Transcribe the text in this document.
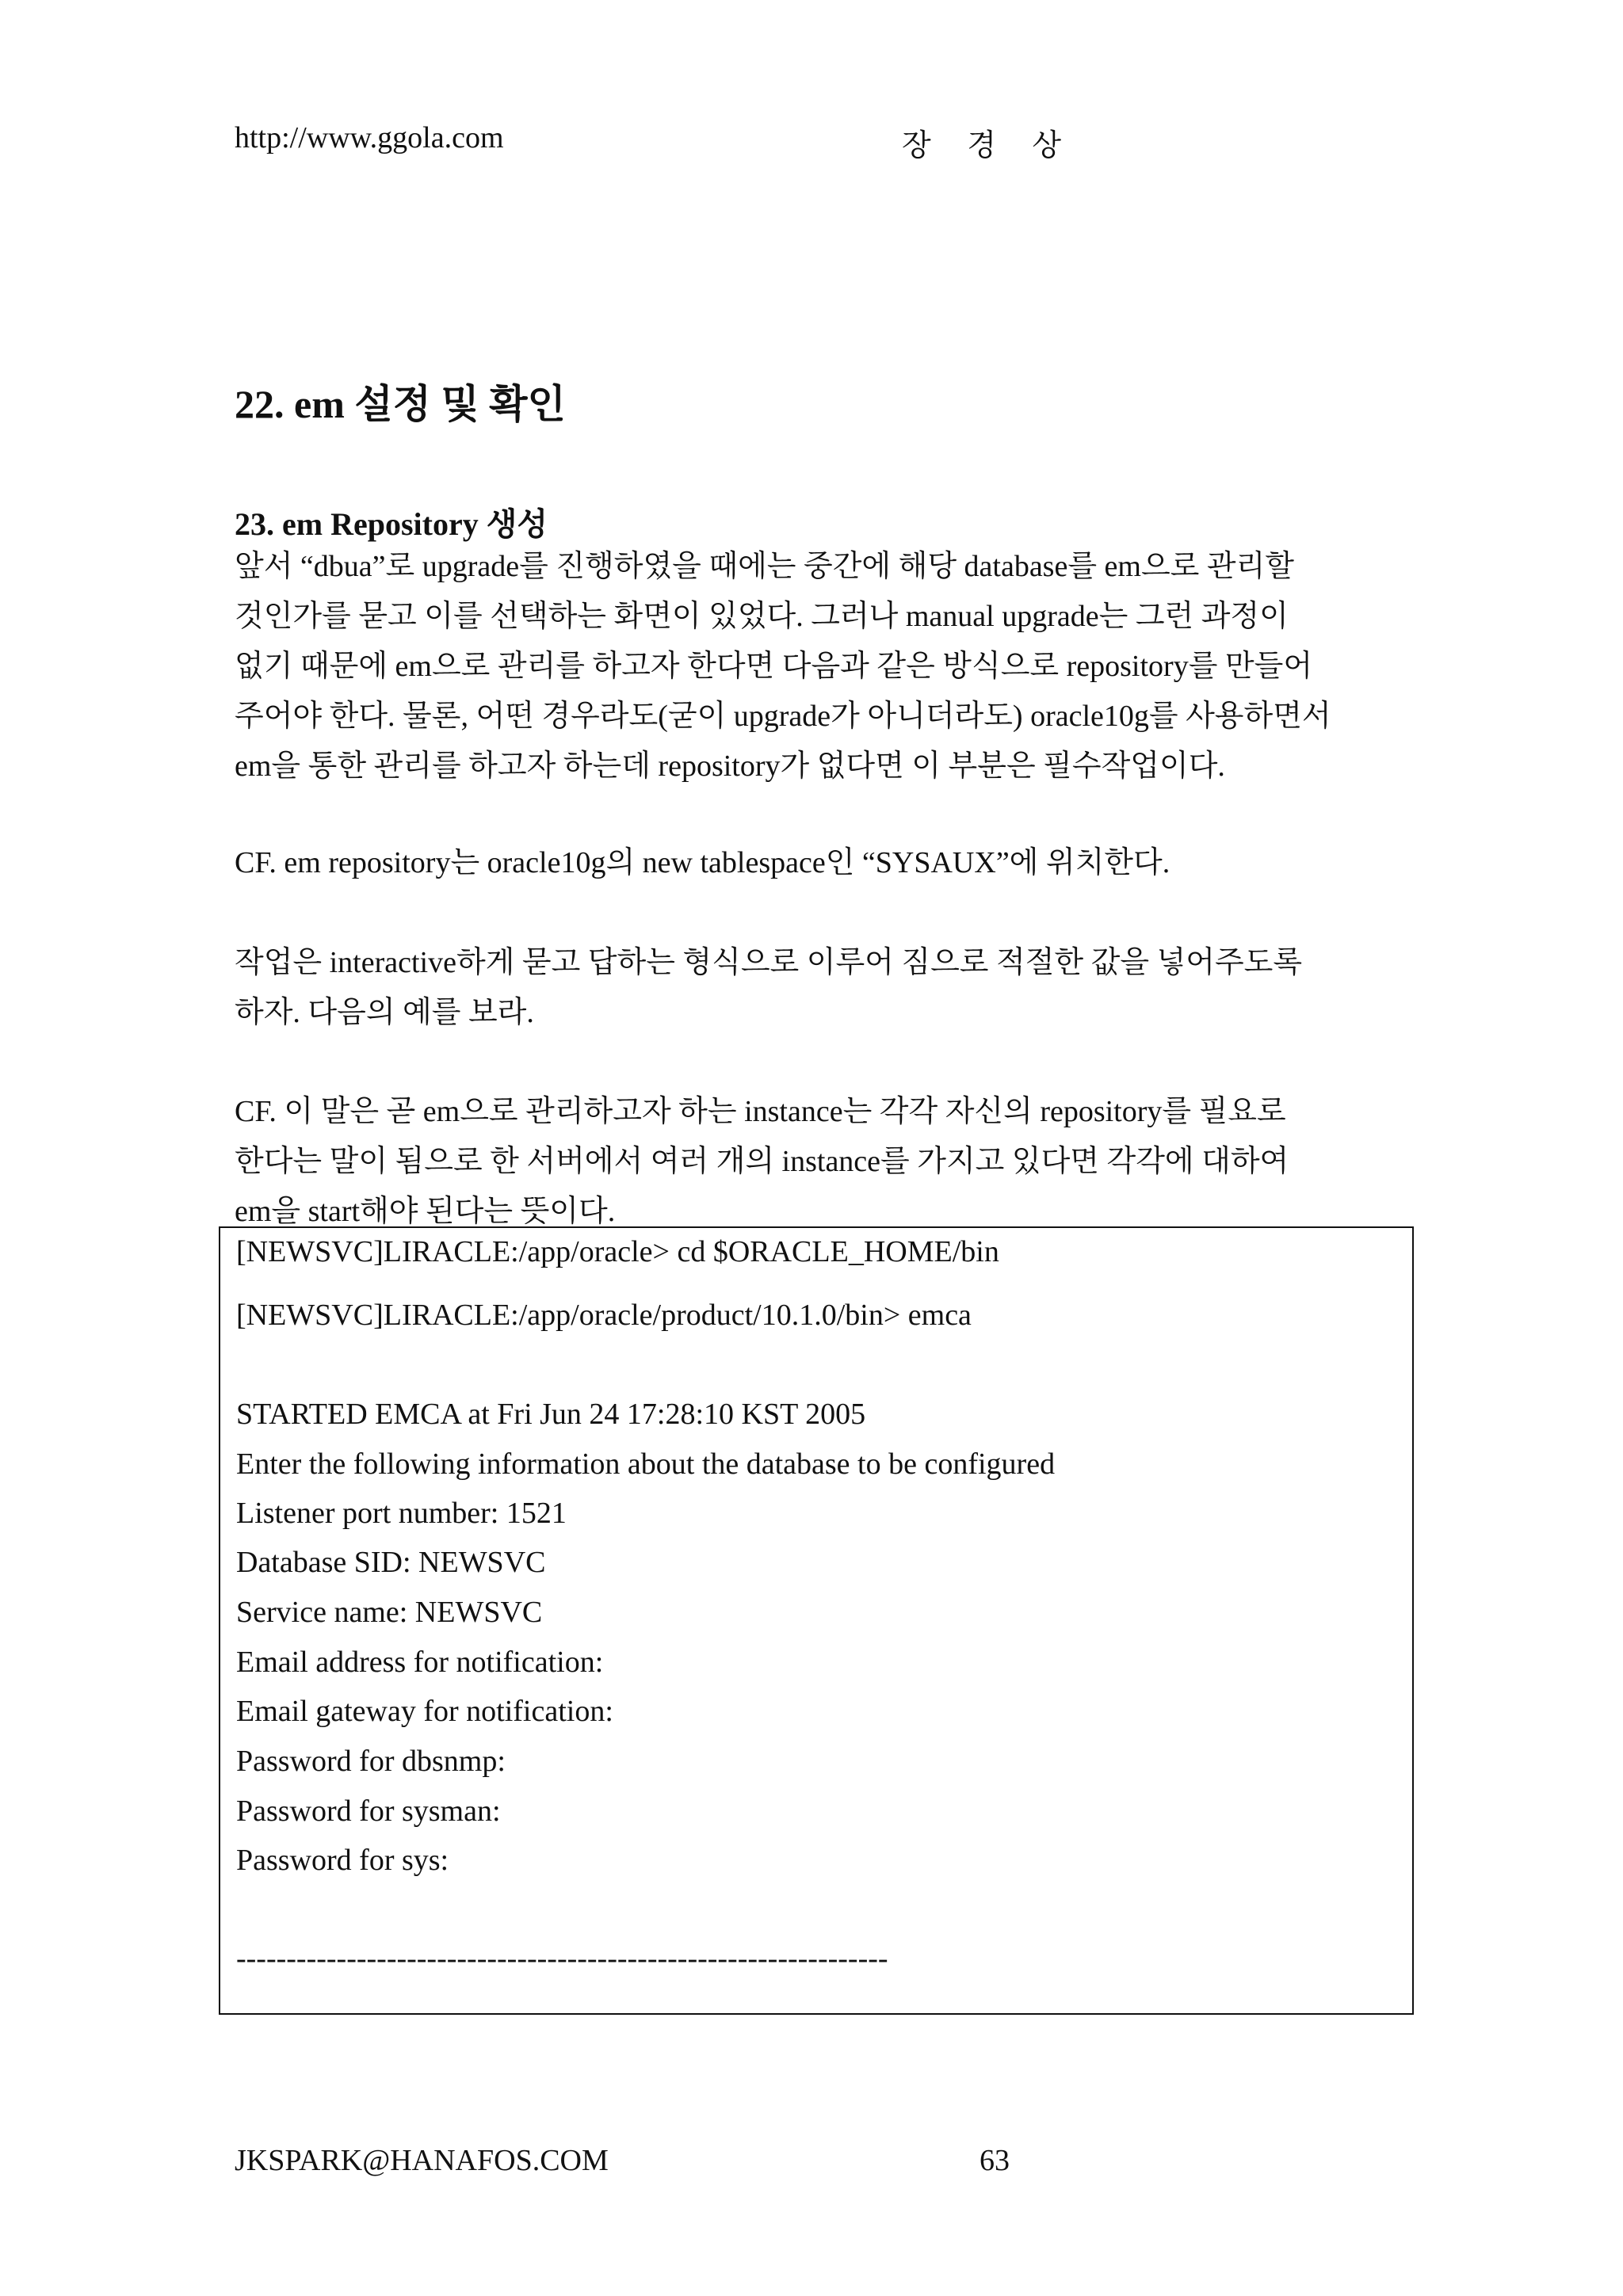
http://www.ggola.com	장 경 상
22. em 설정 및 확인
23. em Repository 생성

앞서 “dbua”로 upgrade를 진행하였을 때에는 중간에 해당 database를 em으로 관리할
것인가를 묻고 이를 선택하는 화면이 있었다. 그러나 manual upgrade는 그런 과정이
없기 때문에 em으로 관리를 하고자 한다면 다음과 같은 방식으로 repository를 만들어
주어야 한다. 물론, 어떤 경우라도(굳이 upgrade가 아니더라도) oracle10g를 사용하면서
em을 통한 관리를 하고자 하는데 repository가 없다면 이 부분은 필수작업이다.

CF. em repository는 oracle10g의 new tablespace인 “SYSAUX”에 위치한다.

작업은 interactive하게 묻고 답하는 형식으로 이루어 짐으로 적절한 값을 넣어주도록
하자. 다음의 예를 보라.

CF. 이 말은 곧 em으로 관리하고자 하는 instance는 각각 자신의 repository를 필요로
한다는 말이 됨으로 한 서버에서 여러 개의 instance를 가지고 있다면 각각에 대하여
em을 start해야 된다는 뜻이다.

[NEWSVC]LIRACLE:/app/oracle> cd $ORACLE_HOME/bin
[NEWSVC]LIRACLE:/app/oracle/product/10.1.0/bin> emca
STARTED EMCA at Fri Jun 24 17:28:10 KST 2005
Enter the following information about the database to be configured
Listener port number: 1521
Database SID: NEWSVC
Service name: NEWSVC
Email address for notification:
Email gateway for notification:
Password for dbsnmp:
Password for sysman:
Password for sys:
-----------------------------------------------------------------
JKSPARK@HANAFOS.COM	63
